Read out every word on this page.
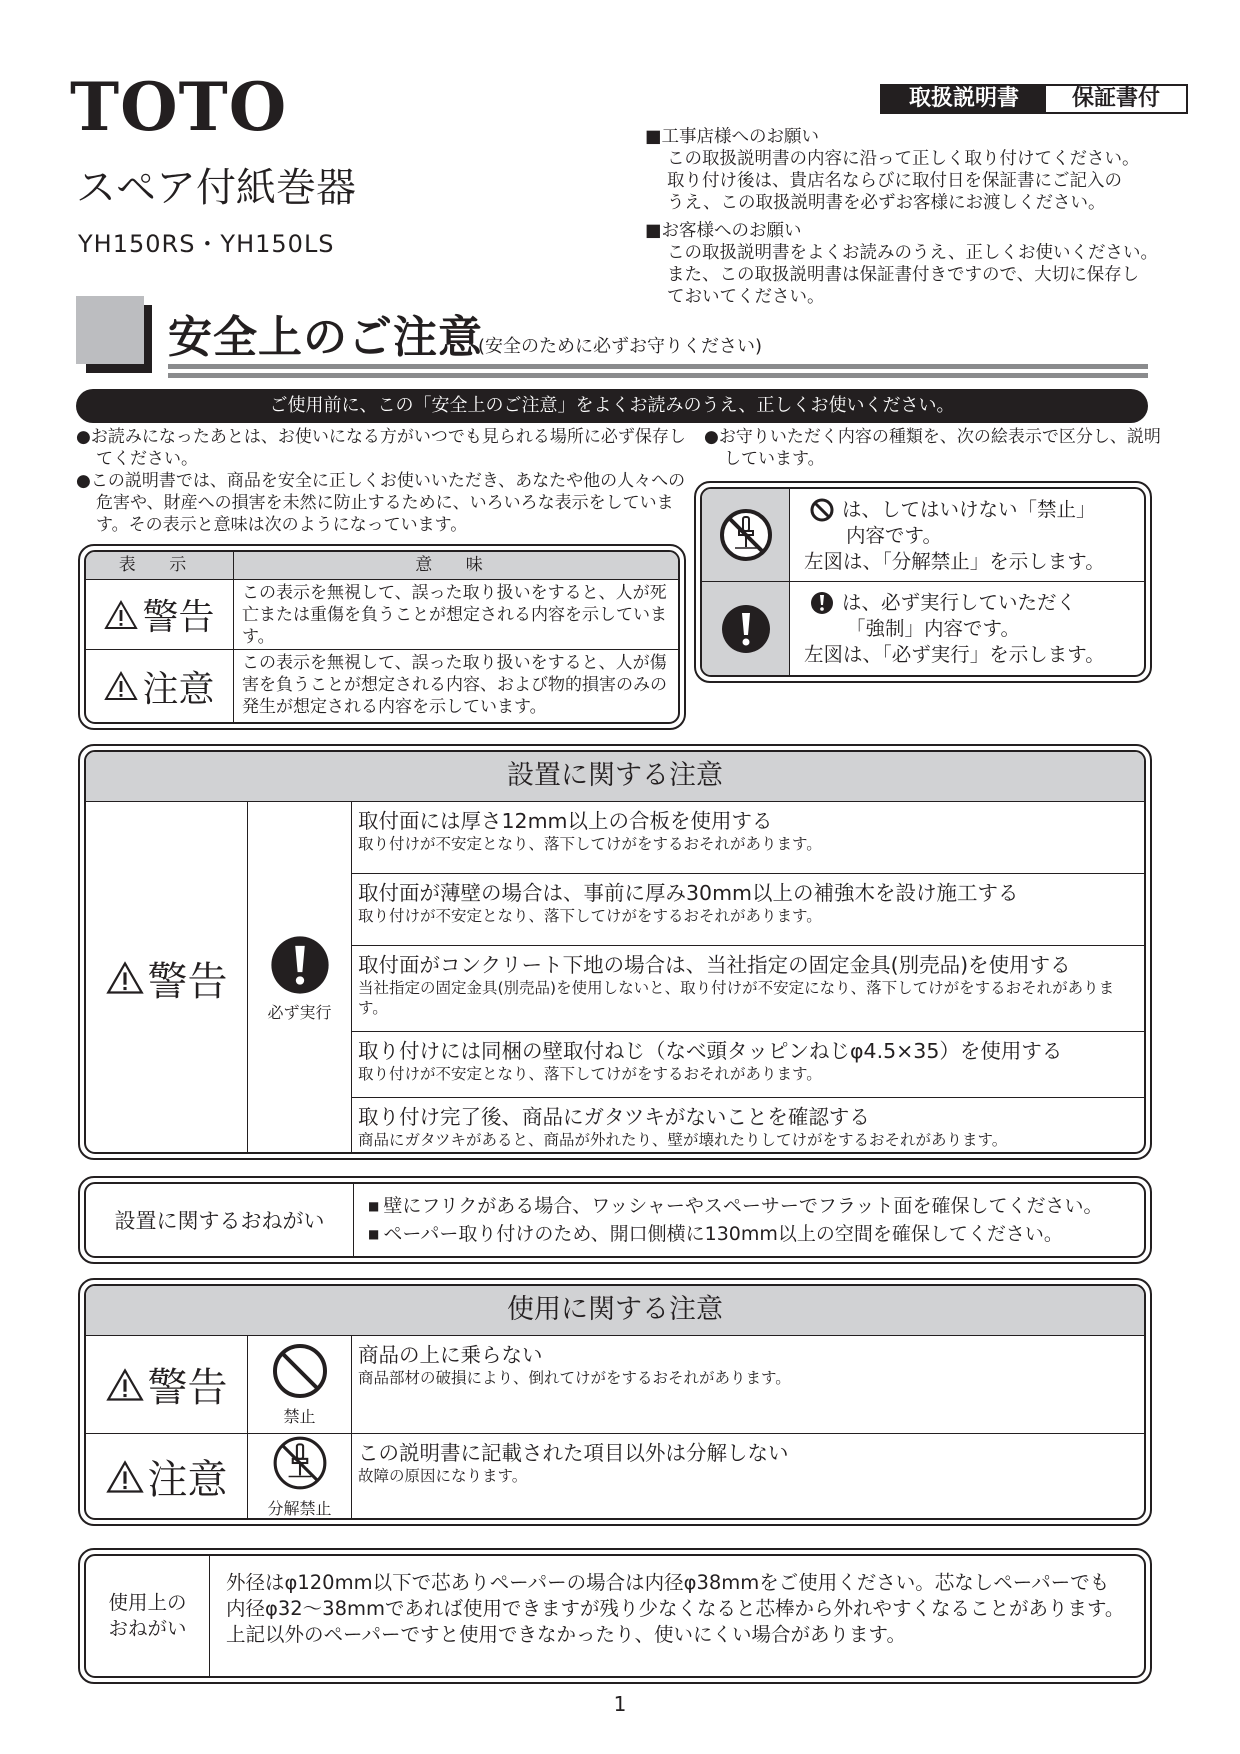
TOTO
スペア付紙巻器
YH150RS・YH150LS
取扱説明書	保証書付
■ 工事店様へのお願い
この取扱説明書の内容に沿って正しく取り付けてください。
取り付け後は、貴店名ならびに取付日を保証書にご記入の
うえ、この取扱説明書を必ずお客様にお渡しください。
■ お客様へのお願い
この取扱説明書をよくお読みのうえ、正しくお使いください。
また、この取扱説明書は保証書付きですので、大切に保存し
ておいてください。
安全上のご注意
(安全のために必ずお守りください)
ご使用前に、この「安全上のご注意」をよくお読みのうえ、正しくお使いください。
● お読みになったあとは、お使いになる方がいつでも見られる場所に必ず保存してください。
● この説明書では、商品を安全に正しくお使いいただき、あなたや他の人々への危害や、財産への損害を未然に防止するために、いろいろな表示をしています。その表示と意味は次のようになっています。
● お守りいただく内容の種類を、次の絵表示で区分し、説明しています。
表 示	意 味
警告
この表示を無視して、誤った取り扱いをすると、人が死亡または重傷を負うことが想定される内容を示しています。
注意
この表示を無視して、誤った取り扱いをすると、人が傷害を負うことが想定される内容、および物的損害のみの発生が想定される内容を示しています。
は、してはいけない「禁止」
内容です。
左図は、「分解禁止」を示します。
は、必ず実行していただく
「強制」内容です。
左図は、「必ず実行」を示します。
設置に関する注意
警告
必ず実行
取付面には厚さ12mm以上の合板を使用する
取り付けが不安定となり、落下してけがをするおそれがあります。
取付面が薄壁の場合は、事前に厚み30mm以上の補強木を設け施工する
取り付けが不安定となり、落下してけがをするおそれがあります。
取付面がコンクリート下地の場合は、当社指定の固定金具(別売品)を使用する
当社指定の固定金具(別売品)を使用しないと、取り付けが不安定になり、落下してけがをするおそれがあります。
取り付けには同梱の壁取付ねじ（なべ頭タッピンねじφ4.5×35）を使用する
取り付けが不安定となり、落下してけがをするおそれがあります。
取り付け完了後、商品にガタツキがないことを確認する
商品にガタツキがあると、商品が外れたり、壁が壊れたりしてけがをするおそれがあります。
設置に関するおねがい
■ 壁にフリクがある場合、ワッシャーやスペーサーでフラット面を確保してください。
■ ペーパー取り付けのため、開口側横に130mm以上の空間を確保してください。
使用に関する注意
警告
禁止
商品の上に乗らない
商品部材の破損により、倒れてけがをするおそれがあります。
注意
分解禁止
この説明書に記載された項目以外は分解しない
故障の原因になります。
使用上の
おねがい
外径はφ120mm以下で芯ありペーパーの場合は内径φ38mmをご使用ください。芯なしペーパーでも内径φ32～38mmであれば使用できますが残り少なくなると芯棒から外れやすくなることがあります。上記以外のペーパーですと使用できなかったり、使いにくい場合があります。
1
